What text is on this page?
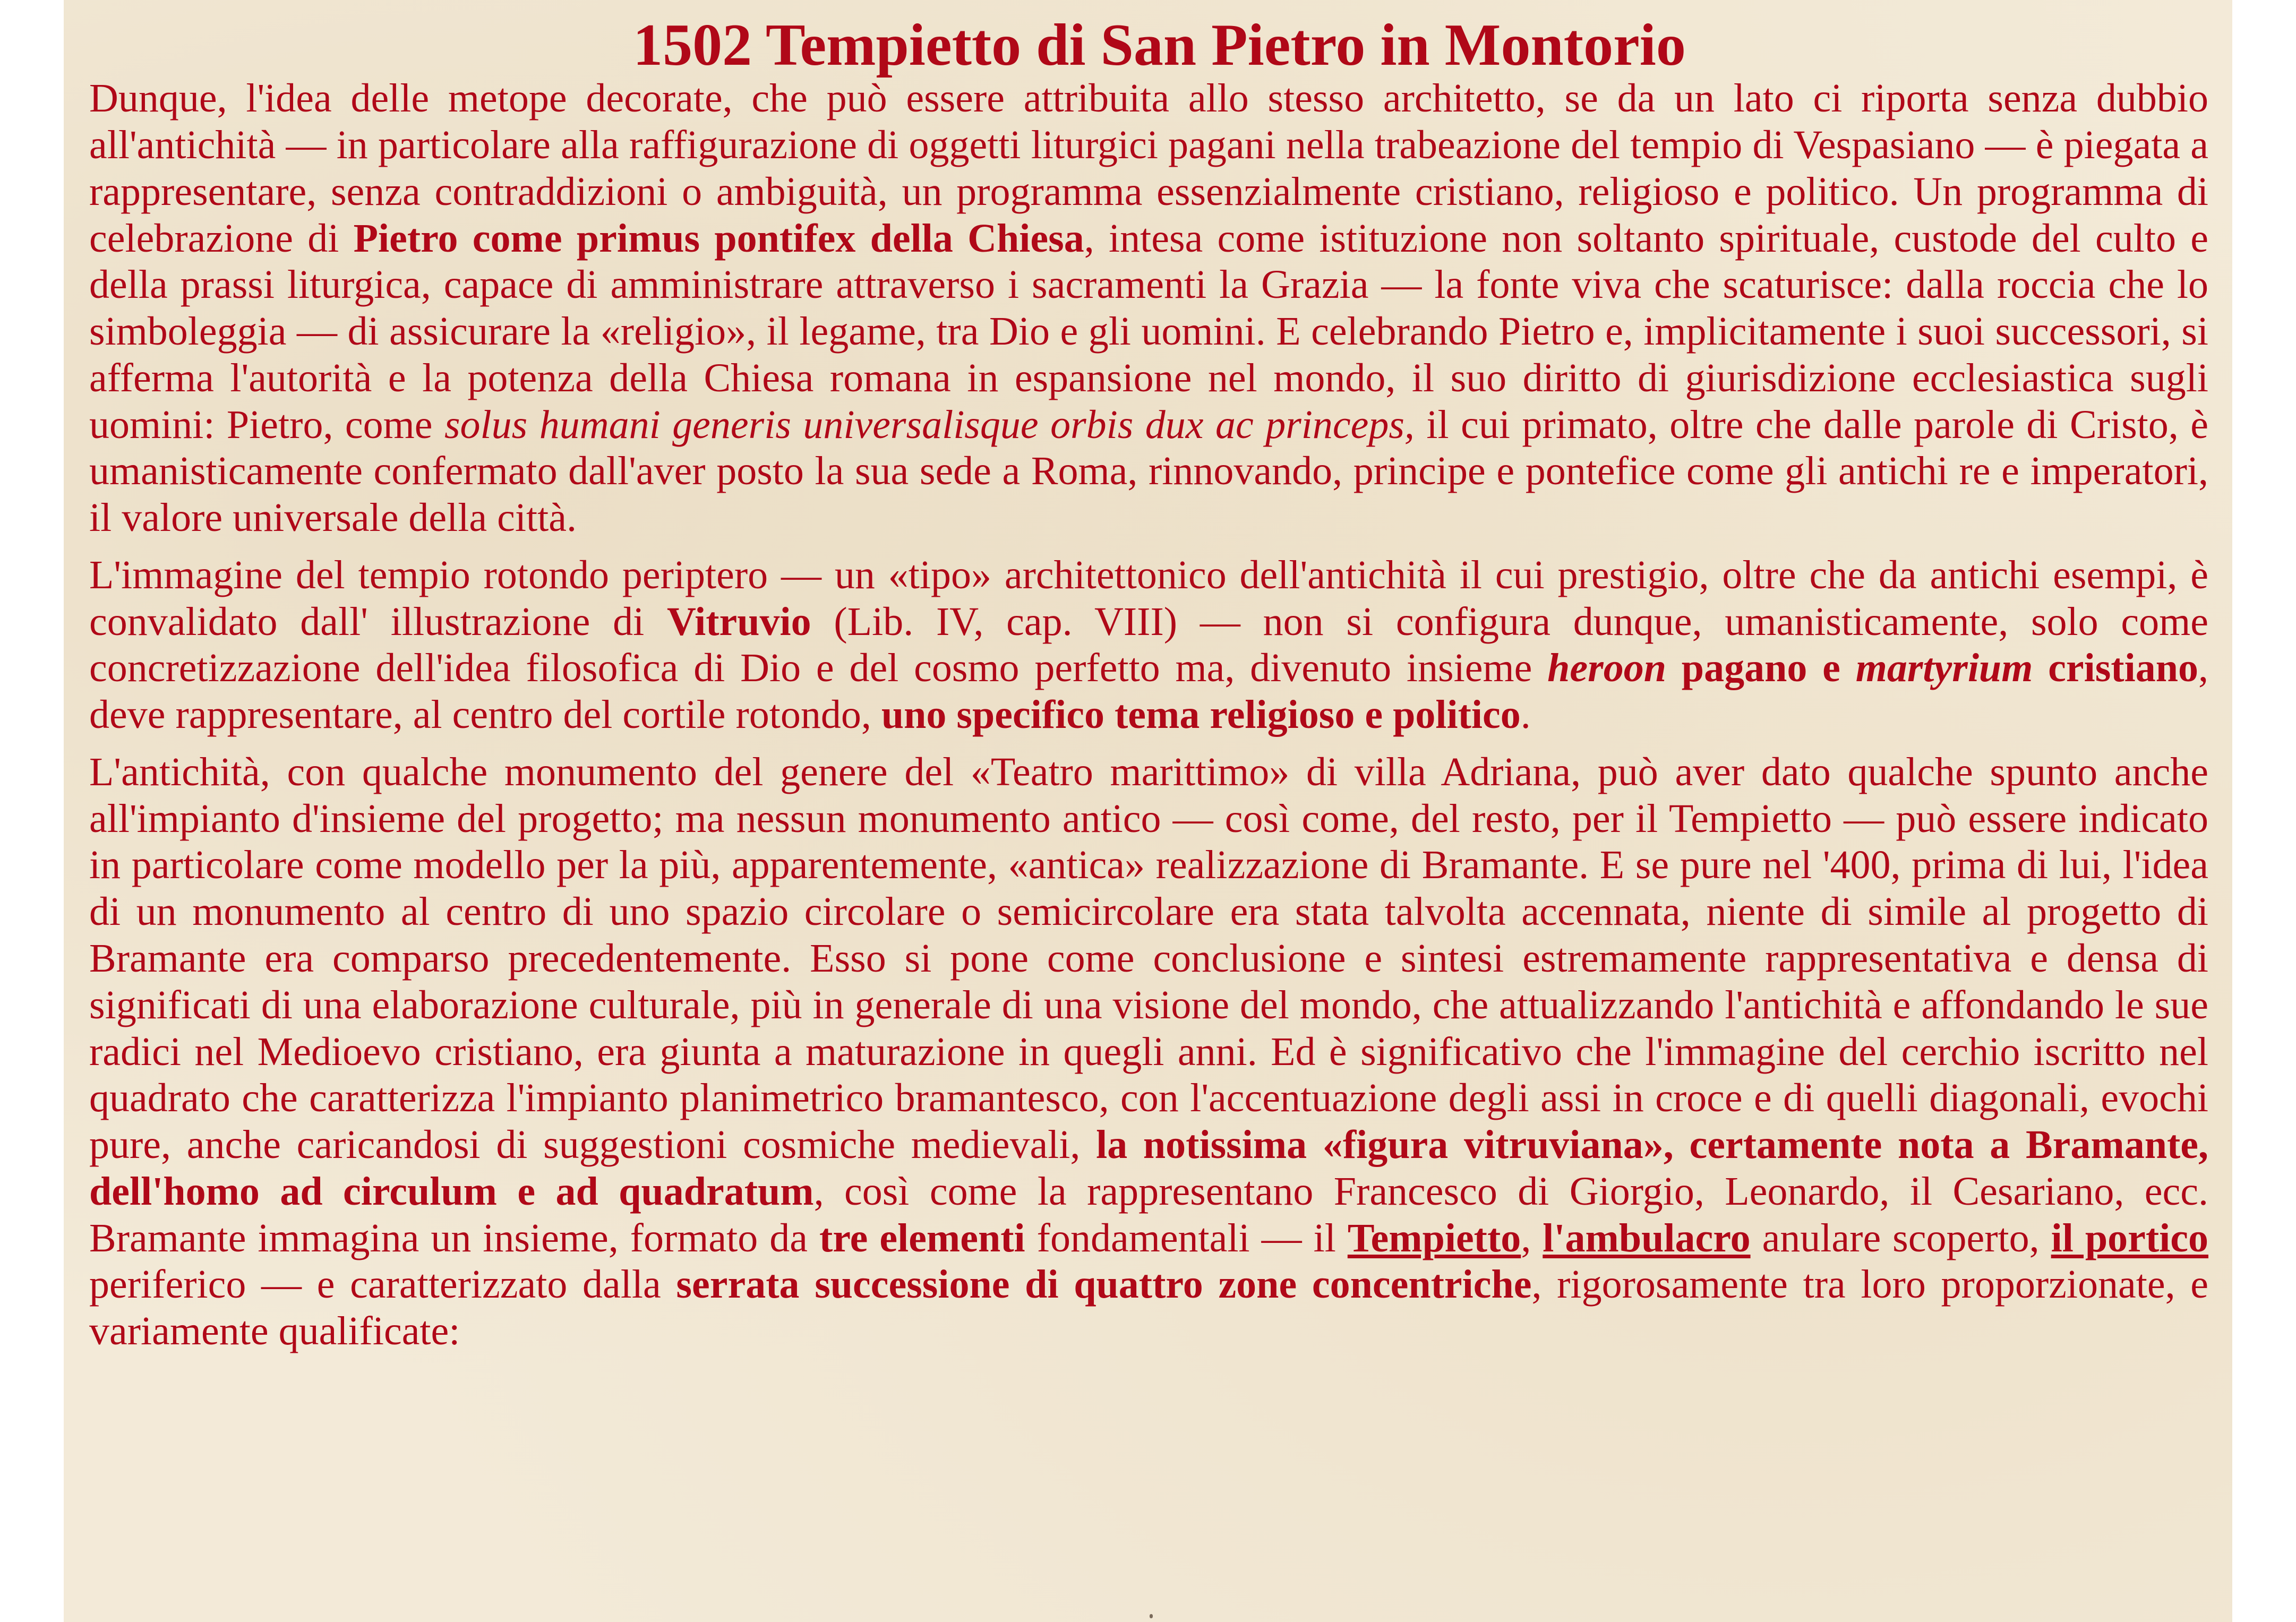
1502 Tempietto di San Pietro in Montorio

Dunque, l'idea delle metope decorate, che può essere attribuita allo stesso architetto, se da un lato ci riporta senza dubbio all'antichità — in particolare alla raffigurazione di oggetti liturgici pagani nella trabeazione del tempio di Vespasiano — è piegata a rappresentare, senza contraddizioni o ambiguità, un programma essenzialmente cristiano, religioso e politico. Un programma di celebrazione di Pietro come primus pontifex della Chiesa, intesa come istituzione non soltanto spirituale, custode del culto e della prassi liturgica, capace di amministrare attraverso i sacramenti la Grazia — la fonte viva che scaturisce: dalla roccia che lo simboleggia — di assicurare la «religio», il legame, tra Dio e gli uomini. E celebrando Pietro e, implicitamente i suoi successori, si afferma l'autorità e la potenza della Chiesa romana in espansione nel mondo, il suo diritto di giurisdizione ecclesiastica sugli uomini: Pietro, come solus humani generis universalisque orbis dux ac princeps, il cui primato, oltre che dalle parole di Cristo, è umanisticamente confermato dall'aver posto la sua sede a Roma, rinnovando, principe e pontefice come gli antichi re e imperatori, il valore universale della città.

L'immagine del tempio rotondo periptero — un «tipo» architettonico dell'antichità il cui prestigio, oltre che da antichi esempi, è convalidato dall' illustrazione di Vitruvio (Lib. IV, cap. VIII) — non si configura dunque, umanisticamente, solo come concretizzazione dell'idea filosofica di Dio e del cosmo perfetto ma, divenuto insieme heroon pagano e martyrium cristiano, deve rappresentare, al centro del cortile rotondo, uno specifico tema religioso e politico.

L'antichità, con qualche monumento del genere del «Teatro marittimo» di villa Adriana, può aver dato qualche spunto anche all'impianto d'insieme del progetto; ma nessun monumento antico — così come, del resto, per il Tempietto — può essere indicato in particolare come modello per la più, apparentemente, «antica» realizzazione di Bramante. E se pure nel '400, prima di lui, l'idea di un monumento al centro di uno spazio circolare o semicircolare era stata talvolta accennata, niente di simile al progetto di Bramante era comparso precedentemente. Esso si pone come conclusione e sintesi estremamente rappresentativa e densa di significati di una elaborazione culturale, più in generale di una visione del mondo, che attualizzando l'antichità e affondando le sue radici nel Medioevo cristiano, era giunta a maturazione in quegli anni. Ed è significativo che l'immagine del cerchio iscritto nel quadrato che caratterizza l'impianto planimetrico bramantesco, con l'accentuazione degli assi in croce e di quelli diagonali, evochi pure, anche caricandosi di suggestioni cosmiche medievali, la notissima «figura vitruviana», certamente nota a Bramante, dell'homo ad circulum e ad quadratum, così come la rappresentano Francesco di Giorgio, Leonardo, il Cesariano, ecc. Bramante immagina un insieme, formato da tre elementi fondamentali — il Tempietto, l'ambulacro anulare scoperto, il portico periferico — e caratterizzato dalla serrata successione di quattro zone concentriche, rigorosamente tra loro proporzionate, e variamente qualificate:
